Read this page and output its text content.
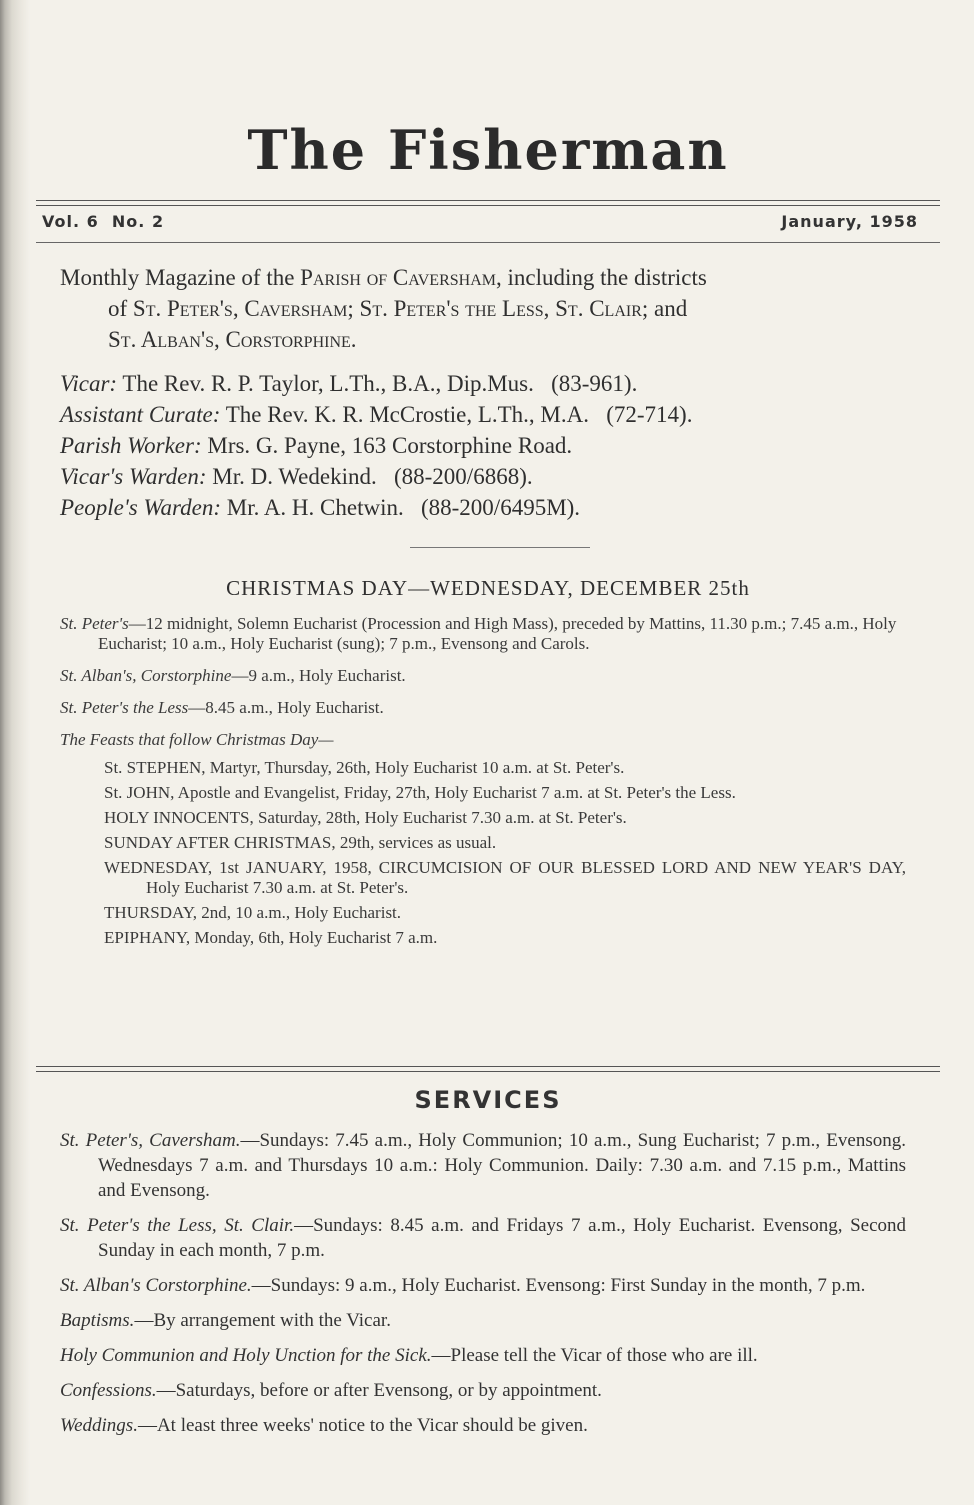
The Fisherman
Vol. 6  No. 2	January, 1958

Monthly Magazine of the Parish of Caversham, including the districts

of St. Peter's, Caversham; St. Peter's the Less, St. Clair; and

St. Alban's, Corstorphine.

Vicar: The Rev. R. P. Taylor, L.Th., B.A., Dip.Mus.   (83-961).
Assistant Curate: The Rev. K. R. McCrostie, L.Th., M.A.   (72-714).
Parish Worker: Mrs. G. Payne, 163 Corstorphine Road.
Vicar's Warden: Mr. D. Wedekind.   (88-200/6868).
People's Warden: Mr. A. H. Chetwin.   (88-200/6495M).
CHRISTMAS DAY—WEDNESDAY, DECEMBER 25th
St. Peter's—12 midnight, Solemn Eucharist (Procession and High Mass), preceded by Mattins, 11.30 p.m.; 7.45 a.m., Holy Eucharist; 10 a.m., Holy Eucharist (sung); 7 p.m., Evensong and Carols.
St. Alban's, Corstorphine—9 a.m., Holy Eucharist.
St. Peter's the Less—8.45 a.m., Holy Eucharist.
The Feasts that follow Christmas Day—
St. STEPHEN, Martyr, Thursday, 26th, Holy Eucharist 10 a.m. at St. Peter's.
St. JOHN, Apostle and Evangelist, Friday, 27th, Holy Eucharist 7 a.m. at St. Peter's the Less.
HOLY INNOCENTS, Saturday, 28th, Holy Eucharist 7.30 a.m. at St. Peter's.
SUNDAY AFTER CHRISTMAS, 29th, services as usual.
WEDNESDAY, 1st JANUARY, 1958, CIRCUMCISION OF OUR BLESSED LORD AND NEW YEAR'S DAY, Holy Eucharist 7.30 a.m. at St. Peter's.
THURSDAY, 2nd, 10 a.m., Holy Eucharist.
EPIPHANY, Monday, 6th, Holy Eucharist 7 a.m.
SERVICES
St. Peter's, Caversham.—Sundays: 7.45 a.m., Holy Communion; 10 a.m., Sung Eucharist; 7 p.m., Evensong. Wednesdays 7 a.m. and Thursdays 10 a.m.: Holy Communion. Daily: 7.30 a.m. and 7.15 p.m., Mattins and Evensong.
St. Peter's the Less, St. Clair.—Sundays: 8.45 a.m. and Fridays 7 a.m., Holy Eucharist. Evensong, Second Sunday in each month, 7 p.m.
St. Alban's Corstorphine.—Sundays: 9 a.m., Holy Eucharist. Evensong: First Sunday in the month, 7 p.m.
Baptisms.—By arrangement with the Vicar.
Holy Communion and Holy Unction for the Sick.—Please tell the Vicar of those who are ill.
Confessions.—Saturdays, before or after Evensong, or by appointment.
Weddings.—At least three weeks' notice to the Vicar should be given.
